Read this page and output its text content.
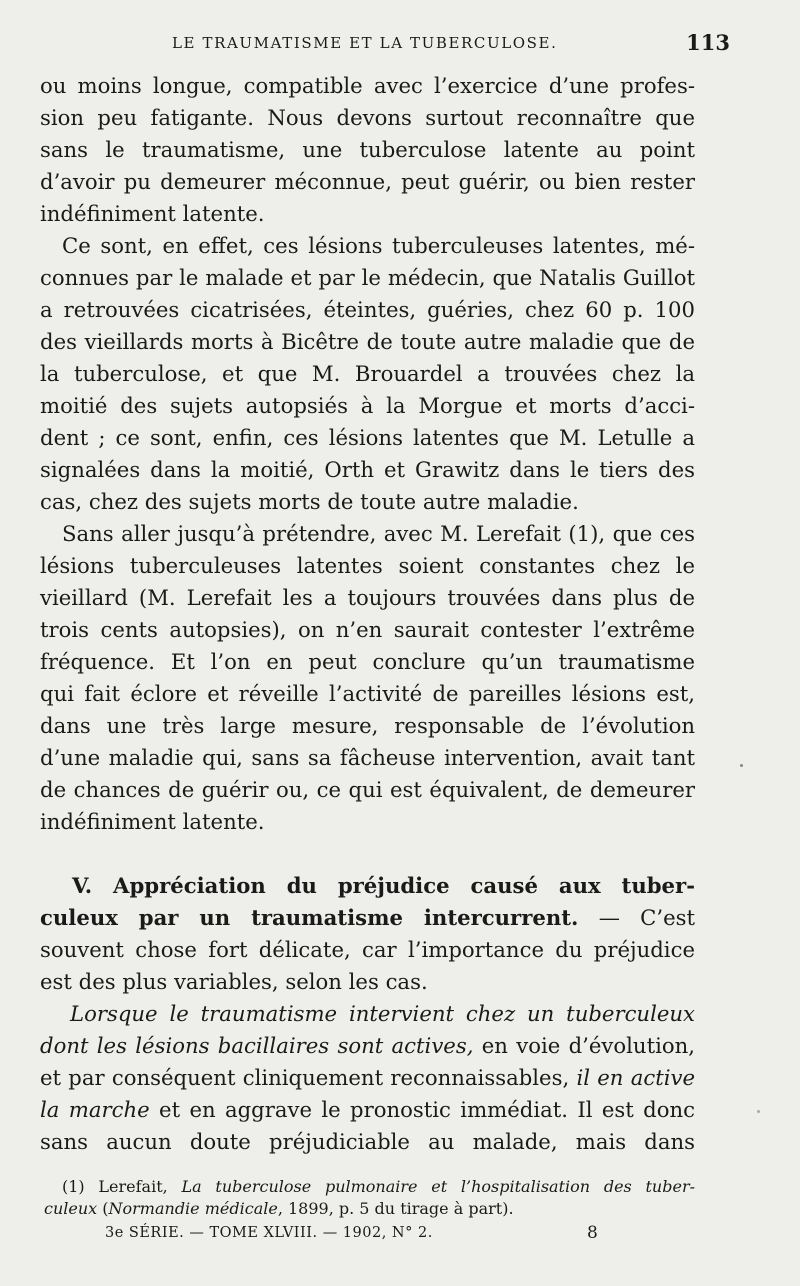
LE TRAUMATISME ET LA TUBERCULOSE.	113
ou moins longue, compatible avec l’exercice d’une profes-
sion peu fatigante. Nous devons surtout reconnaître que
sans le traumatisme, une tuberculose latente au point
d’avoir pu demeurer méconnue, peut guérir, ou bien rester
indéfiniment latente.
Ce sont, en effet, ces lésions tuberculeuses latentes, mé-
connues par le malade et par le médecin, que Natalis Guillot
a retrouvées cicatrisées, éteintes, guéries, chez 60 p. 100
des vieillards morts à Bicêtre de toute autre maladie que de
la tuberculose, et que M. Brouardel a trouvées chez la
moitié des sujets autopsiés à la Morgue et morts d’acci-
dent ; ce sont, enfin, ces lésions latentes que M. Letulle a
signalées dans la moitié, Orth et Grawitz dans le tiers des
cas, chez des sujets morts de toute autre maladie.
Sans aller jusqu’à prétendre, avec M. Lerefait (1), que ces
lésions tuberculeuses latentes soient constantes chez le
vieillard (M. Lerefait les a toujours trouvées dans plus de
trois cents autopsies), on n’en saurait contester l’extrême
fréquence. Et l’on en peut conclure qu’un traumatisme
qui fait éclore et réveille l’activité de pareilles lésions est,
dans une très large mesure, responsable de l’évolution
d’une maladie qui, sans sa fâcheuse intervention, avait tant
de chances de guérir ou, ce qui est équivalent, de demeurer
indéfiniment latente.
V. Appréciation du préjudice causé aux tuber-
culeux par un traumatisme intercurrent. — C’est
souvent chose fort délicate, car l’importance du préjudice
est des plus variables, selon les cas.
Lorsque le traumatisme intervient chez un tuberculeux
dont les lésions bacillaires sont actives, en voie d’évolution,
et par conséquent cliniquement reconnaissables, il en active
la marche et en aggrave le pronostic immédiat. Il est donc
sans aucun doute préjudiciable au malade, mais dans
(1) Lerefait, La tuberculose pulmonaire et l’hospitalisation des tuber-
culeux (Normandie médicale, 1899, p. 5 du tirage à part).
3e SÉRIE. — TOME XLVIII. — 1902, N° 2.	8
